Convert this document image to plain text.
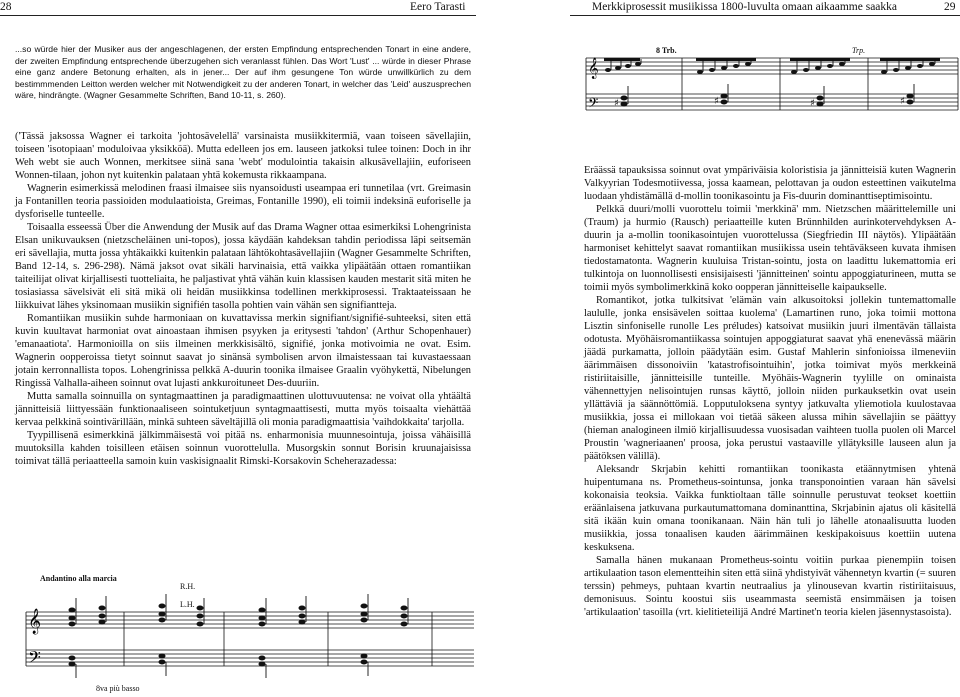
28	Eero Tarasti	Merkkiprosessit musiikissa 1800-luvulta omaan aikaamme saakka	29
...so würde hier der Musiker aus der angeschlagenen, der ersten Empfindung entsprechenden Tonart in eine andere, der zweiten Empfindung entsprechende überzugehen sich veranlasst fühlen. Das Wort 'Lust' ... würde in dieser Phrase eine ganz andere Betonung erhalten, als in jener... Der auf ihm gesungene Ton würde unwillkürlich zu dem bestimmmenden Leitton werden welcher mit Notwendigkeit zu der anderen Tonart, in welcher das 'Leid' auszusprechen wäre, hindrängte. (Wagner Gesammelte Schriften, Band 10-11, s. 260).

('Tässä jaksossa Wagner ei tarkoita 'johtosävelellä' varsinaista musiikkitermiä, vaan toiseen sävellajiin, toiseen 'isotopiaan' moduloivaa yksikköä). Mutta edelleen jos em. lauseen jatkoksi tulee toinen: Doch in ihr Weh webt sie auch Wonnen, merkitsee siinä sana 'webt' modulointia takaisin alkusävellajiin, euforiseen Wonnen-tilaan, johon nyt kuitenkin palataan yhtä kokemusta rikkaampana.

Wagnerin esimerkissä melodinen fraasi ilmaisee siis nyansoidusti useampaa eri tunnetilaa (vrt. Greimasin ja Fontanillen teoria passioiden modulaatioista, Greimas, Fontanille 1990), eli toimii indeksinä euforiselle ja dysforiselle tunteelle.

Toisaalla esseessä Über die Anwendung der Musik auf das Drama Wagner ottaa esimerkiksi Lohengrinista Elsan unikuvauksen (nietzscheläinen uni-topos), jossa käydään kahdeksan tahdin periodissa läpi seitsemän eri sävellajia, mutta jossa yhtäkaikki kuitenkin palataan lähtökohtasävellajiin (Wagner Gesammelte Schriften, Band 12-14, s. 296-298). Nämä jaksot ovat sikäli harvinaisia, että vaikka ylipäätään ottaen romantiikan taiteilijat olivat kirjallisesti tuotteliaita, he paljastivat yhtä vähän kuin klassisen kauden mestarit sitä miten he tosiasiassa sävelsivät eli sitä mikä oli heidän musiikkinsa todellinen merkkiprosessi. Traktaateissaan he liikkuivat lähes yksinomaan musiikin signifién tasolla pohtien vain vähän sen signifiantteja.

Romantiikan musiikin suhde harmoniaan on kuvattavissa merkin signifiant/signifié-suhteeksi, siten että kuvin kuultavat harmoniat ovat ainoastaan ihmisen psyyken ja eritysesti 'tahdon' (Arthur Schopenhauer) 'emanaatiota'. Harmonioilla on siis ilmeinen merkkisisältö, signifié, jonka motivoimia ne ovat. Esim. Wagnerin oopperoissa tietyt soinnut saavat jo sinänsä symbolisen arvon ilmaistessaan tai kuvastaessaan jotain kerronnallista topos. Lohengrinissa pelkkä A-duurin toonika ilmaisee Graalin vyöhykettä, Nibelungen Ringissä Valhalla-aiheen soinnut ovat lujasti ankkuroituneet Des-duuriin.

Mutta samalla soinnuilla on syntagmaattinen ja paradigmaattinen ulottuvuutensa: ne voivat olla yhtäältä jännitteisiä liittyessään funktionaaliseen sointuketjuun syntagmaattisesti, mutta myös toisaalta viehättää kervaa pelkkinä sointivärillään, minkä suhteen säveltäjillä oli monia paradigmaattisia 'vaihdokkaita' tarjolla.

Tyypillisenä esimerkkinä jälkimmäisestä voi pitää ns. enharmonisia muunnesointuja, joissa vähäisillä muutoksilla kahden toisilleen etäisen soinnun vuorottelulla. Musorgskin sonnut Borisin kruunajaisissa toimivat tällä periaatteella samoin kuin vaskisignaalit Rimski-Korsakovin Scheherazadessa:

Andantino alla marcia
R.H.
L.H.
𝄞
𝄢
8va più basso
8 Trb.	Trp.
𝄞
𝄢 ♯	♯	♯	♯

Eräässä tapauksissa soinnut ovat ympäriväisia koloristisia ja jännitteisiä kuten Wagnerin Valkyyrian Todesmotiivessa, jossa kaamean, pelottavan ja oudon esteettinen vaikutelma luodaan yhdistämällä d-mollin toonikasointu ja Fis-duurin dominanttiseptimisointu.

Pelkkä duuri/molli vuorottelu toimii 'merkkinä' mm. Nietzschen määrittelemille uni (Traum) ja hurmio (Rausch) periaatteille kuten Brünnhilden aurinkotervehdyksen A-duurin ja a-mollin toonikasointujen vuorottelussa (Siegfriedin III näytös). Ylipäätään harmoniset kehittelyt saavat romantiikan musiikissa usein tehtäväkseen kuvata ihmisen tiedostamatonta. Wagnerin kuuluisa Tristan-sointu, josta on laadittu lukemattomia eri tulkintoja on luonnollisesti ensisijaisesti 'jännitteinen' sointu appoggiaturineen, mutta se toimii myös symbolimerkkinä koko oopperan jännitteiselle kaipaukselle.

Romantikot, jotka tulkitsivat 'elämän vain alkusoitoksi jollekin tuntemattomalle laululle, jonka ensisävelen soittaa kuolema' (Lamartinen runo, joka toimii mottona Lisztin sinfoniselle runolle Les préludes) katsoivat musiikin juuri ilmentävän tällaista odotusta. Myöhäisromantiikassa sointujen appoggiaturat saavat yhä enenevässä määrin jäädä purkamatta, jolloin päädytään esim. Gustaf Mahlerin sinfonioissa ilmeneviin äärimmäisen dissonoiviin 'katastrofisointuihin', jotka toimivat myös merkkeinä ristiriitaisille, jännitteisille tunteille. Myöhäis-Wagnerin tyylille on ominaista vähennettyjen nelisointujen runsas käyttö, jolloin niiden purkauksetkin ovat usein yllättäviä ja säännöttömiä. Lopputuloksena syntyy jatkuvalta yliemotiola kuulostavaa musiikkia, jossa ei millokaan voi tietää säkeen alussa mihin sävellajiin se päättyy (hieman analogineen ilmiö kirjallisuudessa vuosisadan vaihteen tuolla puolen oli Marcel Proustin 'wagneriaanen' proosa, joka perustui vastaaville yllätyksille lauseen alun ja päätöksen välillä).

Aleksandr Skrjabin kehitti romantiikan toonikasta etäännytmisen yhtenä huipentumana ns. Prometheus-sointunsa, jonka transponointien varaan hän sävelsi kokonaisia teoksia. Vaikka funktioltaan tälle soinnulle perustuvat teokset koettiin eräänlaisena jatkuvana purkautumattomana dominanttina, Skrjabinin ajatus oli käsitellä sitä ikään kuin omana toonikanaan. Näin hän tuli jo lähelle atonaalisuutta luoden musiikkia, jossa tonaalisen kauden äärimmäinen keskipakoisuus koettiin uutena keskuksena.

Samalla hänen mukanaan Prometheus-sointu voitiin purkaa pienempiin toisen artikulaation tason elementteihin siten että siinä yhdistyivät vähennetyn kvartin (= suuren terssin) pehmeys, puhtaan kvartin neutraalius ja ylinousevan kvartin ristiriitaisuus, demonisuus. Sointu koostui siis useammasta seemistä ensimmäisen ja toisen 'artikulaation' tasoilla (vrt. kielitieteilijä André Martinet'n teoria kielen jäsennystasoista).
